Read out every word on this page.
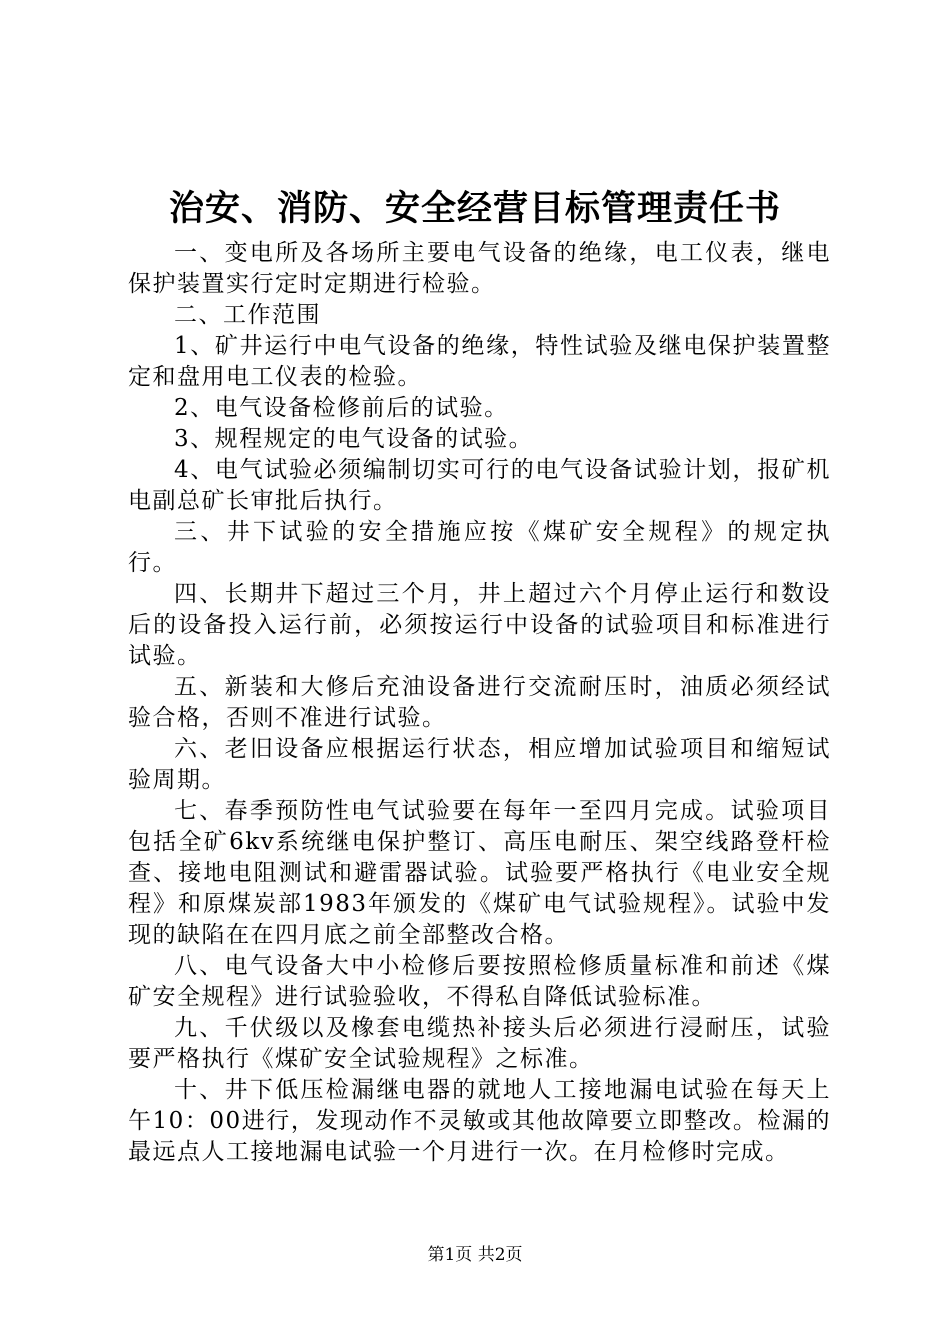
治安、消防、安全经营目标管理责任书

一、变电所及各场所主要电气设备的绝缘，电工仪表，继电保护装置实行定时定期进行检验。

二、工作范围

1、矿井运行中电气设备的绝缘，特性试验及继电保护装置整定和盘用电工仪表的检验。

2、电气设备检修前后的试验。

3、规程规定的电气设备的试验。

4、电气试验必须编制切实可行的电气设备试验计划，报矿机电副总矿长审批后执行。

三、井下试验的安全措施应按《煤矿安全规程》的规定执行。

四、长期井下超过三个月，井上超过六个月停止运行和数设后的设备投入运行前，必须按运行中设备的试验项目和标准进行试验。

五、新装和大修后充油设备进行交流耐压时，油质必须经试验合格，否则不准进行试验。

六、老旧设备应根据运行状态，相应增加试验项目和缩短试验周期。

七、春季预防性电气试验要在每年一至四月完成。试验项目包括全矿6kv系统继电保护整订、高压电耐压、架空线路登杆检查、接地电阻测试和避雷器试验。试验要严格执行《电业安全规程》和原煤炭部1983年颁发的《煤矿电气试验规程》。试验中发现的缺陷在在四月底之前全部整改合格。

八、电气设备大中小检修后要按照检修质量标准和前述《煤矿安全规程》进行试验验收，不得私自降低试验标准。

九、千伏级以及橡套电缆热补接头后必须进行浸耐压，试验要严格执行《煤矿安全试验规程》之标准。

十、井下低压检漏继电器的就地人工接地漏电试验在每天上午10：00进行，发现动作不灵敏或其他故障要立即整改。检漏的最远点人工接地漏电试验一个月进行一次。在月检修时完成。

第1页 共2页
